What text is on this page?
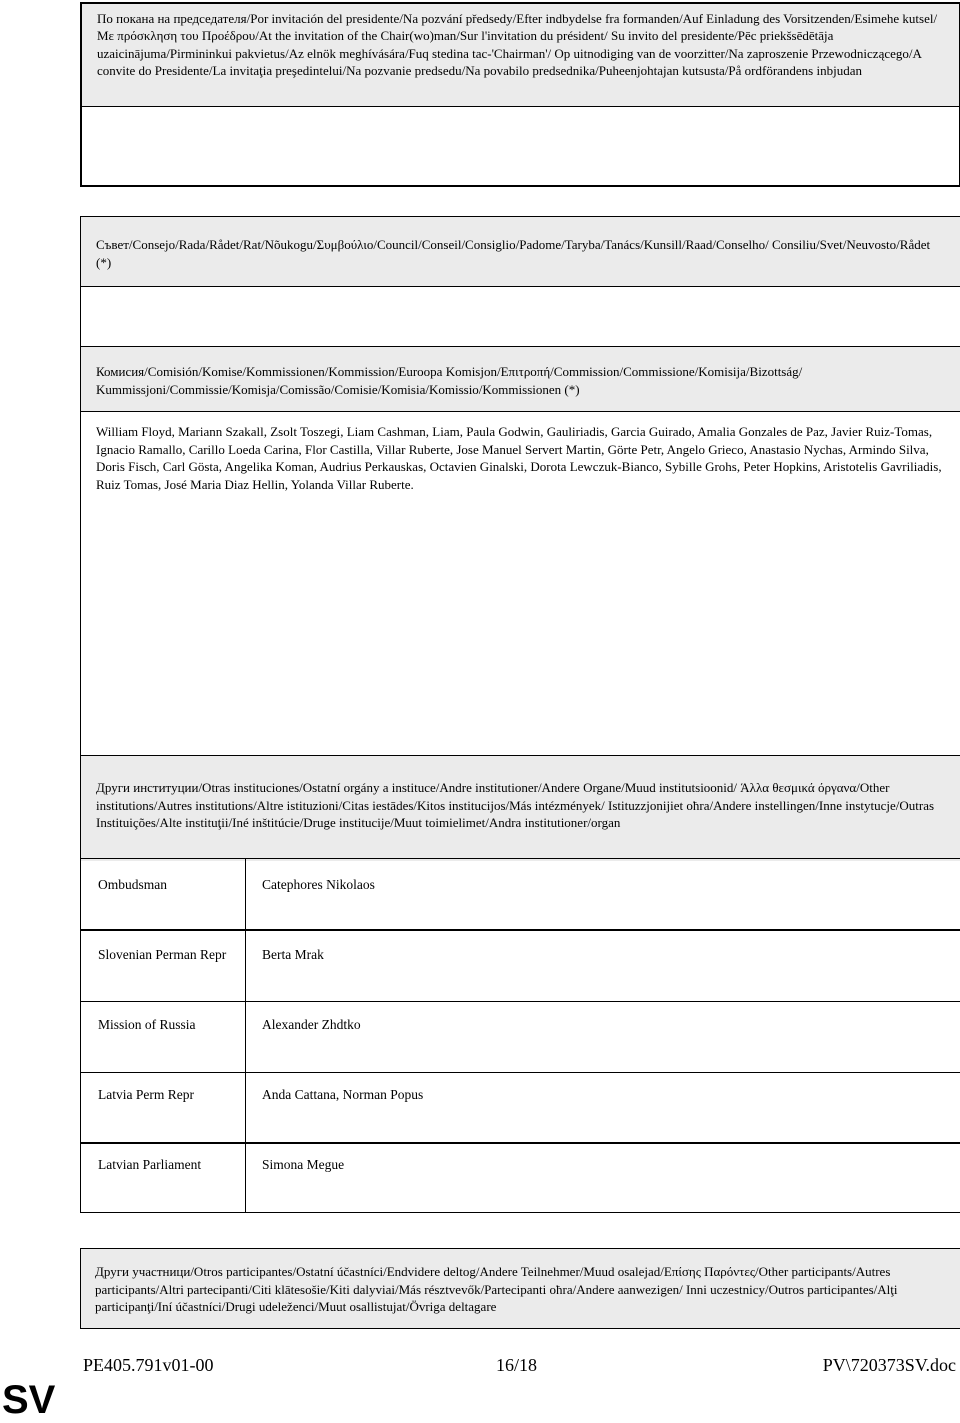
По покана на председателя/Por invitación del presidente/Na pozvání předsedy/Efter indbydelse fra formanden/Auf Einladung des Vorsitzenden/Esimehe kutsel/Με πρόσκληση του Προέδρου/At the invitation of the Chair(wo)man/Sur l'invitation du président/ Su invito del presidente/Pēc priekšsēdētāja uzaicinājuma/Pirmininkui pakvietus/Az elnök meghívására/Fuq stedina tac-'Chairman'/ Op uitnodiging van de voorzitter/Na zaproszenie Przewodniczącego/A convite do Presidente/La invitaţia preşedintelui/Na pozvanie predsedu/Na povabilo predsednika/Puheenjohtajan kutsusta/På ordförandens inbjudan
Съвет/Consejo/Rada/Rådet/Rat/Nõukogu/Συμβούλιο/Council/Conseil/Consiglio/Padome/Taryba/Tanács/Kunsill/Raad/Conselho/ Consiliu/Svet/Neuvosto/Rådet (*)
Комисия/Comisión/Komise/Kommissionen/Kommission/Euroopa Komisjon/Επιτροπή/Commission/Commissione/Komisija/Bizottság/ Kummissjoni/Commissie/Komisja/Comissão/Comisie/Komisia/Komissio/Kommissionen (*)
William Floyd, Mariann Szakall, Zsolt Toszegi, Liam Cashman, Liam, Paula Godwin, Gauliriadis, Garcia Guirado, Amalia Gonzales de Paz, Javier Ruiz-Tomas, Ignacio Ramallo, Carillo Loeda Carina, Flor Castilla, Villar Ruberte, Jose Manuel Servert Martin, Görte Petr, Angelo Grieco, Anastasio Nychas, Armindo Silva, Doris Fisch, Carl Gösta, Angelika Koman, Audrius Perkauskas, Octavien Ginalski, Dorota Lewczuk-Bianco, Sybille Grohs, Peter Hopkins, Aristotelis Gavriliadis, Ruiz Tomas, José Maria Diaz Hellin, Yolanda Villar Ruberte.
Други институции/Otras instituciones/Ostatní orgány a instituce/Andre institutioner/Andere Organe/Muud institutsioonid/ Άλλα θεσμικά όργανα/Other institutions/Autres institutions/Altre istituzioni/Citas iestādes/Kitos institucijos/Más intézmények/ Istituzzjonijiet oħra/Andere instellingen/Inne instytucje/Outras Instituições/Alte instituţii/Iné inštitúcie/Druge institucije/Muut toimielimet/Andra institutioner/organ
Ombudsman	Catephores Nikolaos
Slovenian Perman Repr	Berta Mrak
Mission of Russia	Alexander Zhdtko
Latvia Perm Repr	Anda Cattana, Norman Popus
Latvian Parliament	Simona Megue
Други участници/Otros participantes/Ostatní účastníci/Endvidere deltog/Andere Teilnehmer/Muud osalejad/Επίσης Παρόντες/Other participants/Autres participants/Altri partecipanti/Citi klātesošie/Kiti dalyviai/Más résztvevők/Partecipanti oħra/Andere aanwezigen/ Inni uczestnicy/Outros participantes/Alţi participanţi/Iní účastníci/Drugi udeleženci/Muut osallistujat/Övriga deltagare
PE405.791v01-00	16/18	PV\720373SV.doc
SV
